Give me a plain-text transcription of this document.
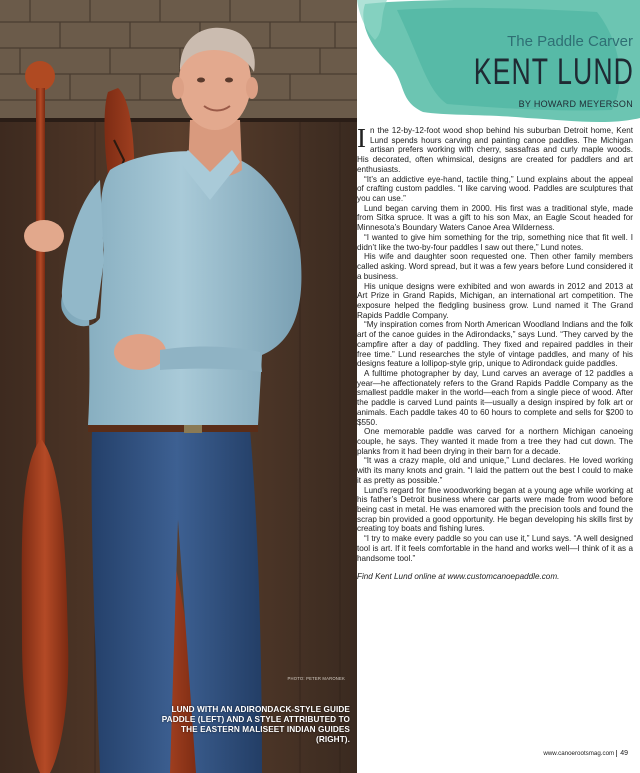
PHOTO: PETER MARONEK
LUND WITH AN ADIRONDACK-STYLE GUIDE PADDLE (LEFT) AND A STYLE ATTRIBUTED TO THE EASTERN MALISEET INDIAN GUIDES (RIGHT).
The Paddle Carver
KENT LUND
BY HOWARD MEYERSON

In the 12-by-12-foot wood shop behind his suburban Detroit home, Kent Lund spends hours carving and painting canoe paddles. The Michigan artisan prefers working with cherry, sassafras and curly maple woods. His decorated, often whimsical, designs are created for paddlers and art enthusiasts.

“It’s an addictive eye-hand, tactile thing,” Lund explains about the appeal of crafting custom paddles. “I like carving wood. Paddles are sculptures that you can use.”

Lund began carving them in 2000. His first was a traditional style, made from Sitka spruce. It was a gift to his son Max, an Eagle Scout headed for Minnesota’s Boundary Waters Canoe Area Wilderness.

“I wanted to give him something for the trip, something nice that fit well. I didn’t like the two-by-four paddles I saw out there,” Lund notes.

His wife and daughter soon requested one. Then other family members called asking. Word spread, but it was a few years before Lund considered it a business.

His unique designs were exhibited and won awards in 2012 and 2013 at Art Prize in Grand Rapids, Michigan, an international art competition. The exposure helped the fledgling business grow. Lund named it The Grand Rapids Paddle Company.

“My inspiration comes from North American Woodland Indians and the folk art of the canoe guides in the Adirondacks,” says Lund. “They carved by the campfire after a day of paddling. They fixed and repaired paddles in their free time.” Lund researches the style of vintage paddles, and many of his designs feature a lollipop-style grip, unique to Adirondack guide paddles.

A fulltime photographer by day, Lund carves an average of 12 paddles a year—he affectionately refers to the Grand Rapids Paddle Company as the smallest paddle maker in the world—each from a single piece of wood. After the paddle is carved Lund paints it—usually a design inspired by folk art or animals. Each paddle takes 40 to 60 hours to complete and sells for $200 to $550.

One memorable paddle was carved for a northern Michigan canoeing couple, he says. They wanted it made from a tree they had cut down. The planks from it had been drying in their barn for a decade.

“It was a crazy maple, old and unique,” Lund declares. He loved working with its many knots and grain. “I laid the pattern out the best I could to make it as pretty as possible.”

Lund’s regard for fine woodworking began at a young age while working at his father’s Detroit business where car parts were made from wood before being cast in metal. He was enamored with the precision tools and found the scrap bin provided a good opportunity. He began developing his skills first by creating toy boats and fishing lures.

“I try to make every paddle so you can use it,” Lund says. “A well designed tool is art. If it feels comfortable in the hand and works well—I think of it as a handsome tool.”

Find Kent Lund online at www.customcanoepaddle.com.

www.canoerootsmag.com 49
